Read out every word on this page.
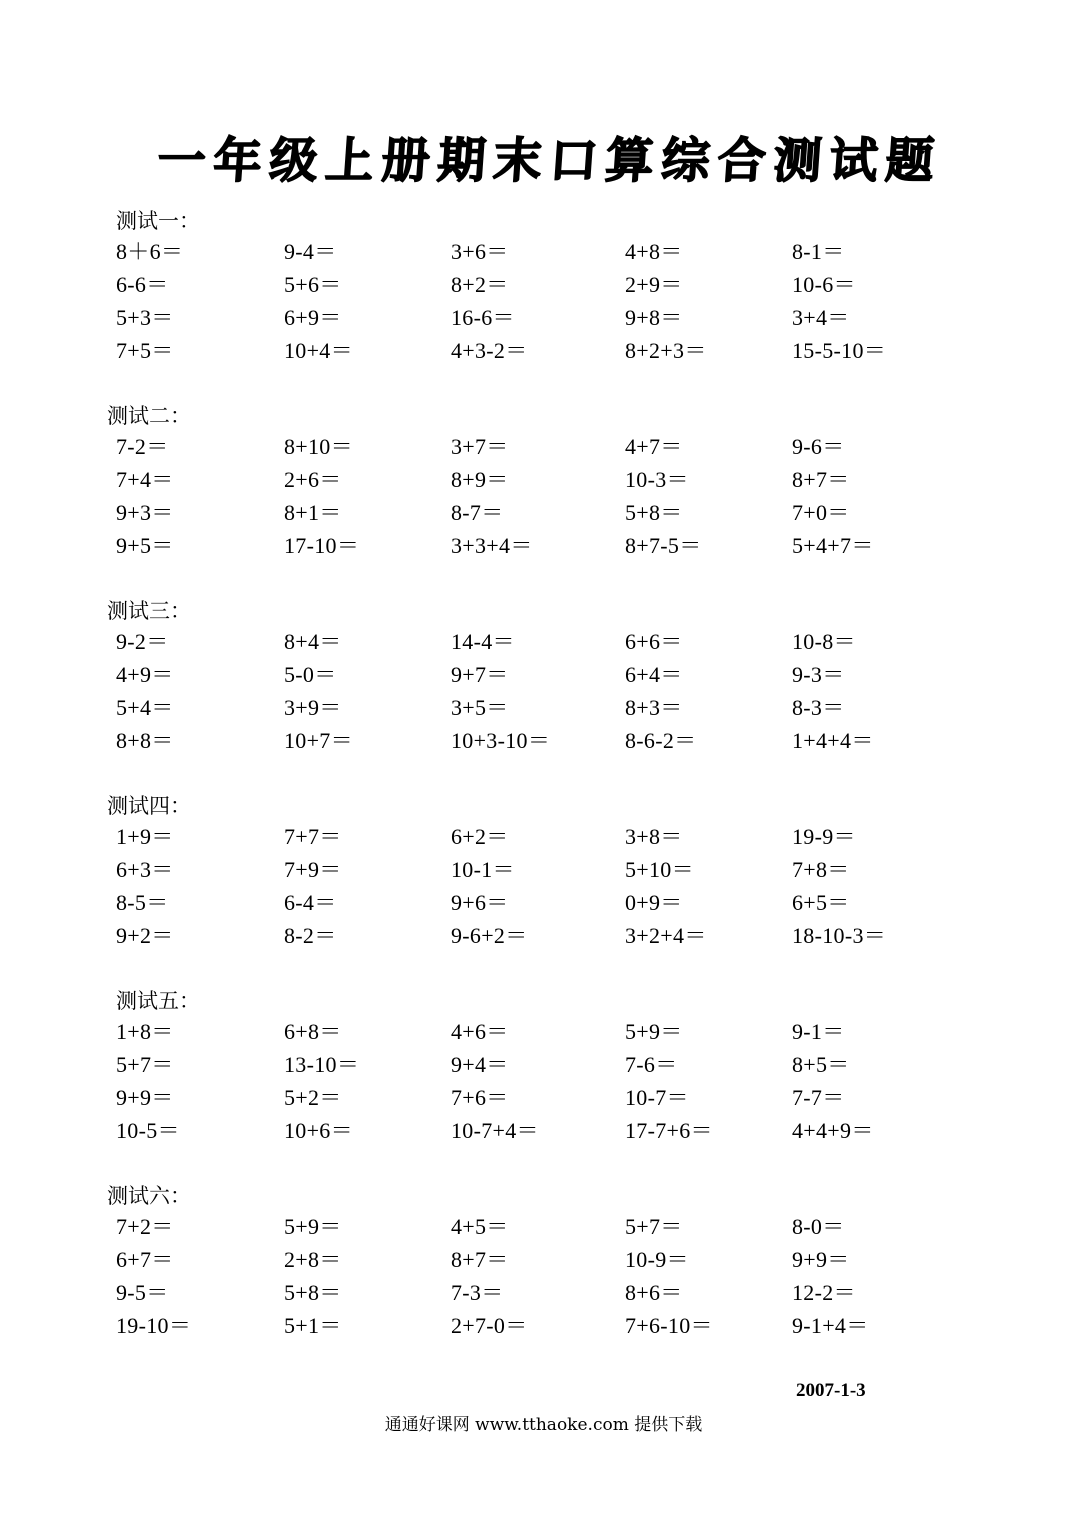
一年级上册期末口算综合测试题
测试一：
8＋6＝	9-4＝	3+6＝	4+8＝	8-1＝
6-6＝	5+6＝	8+2＝	2+9＝	10-6＝
5+3＝	6+9＝	16-6＝	9+8＝	3+4＝
7+5＝	10+4＝	4+3-2＝	8+2+3＝	15-5-10＝
测试二：
7-2＝	8+10＝	3+7＝	4+7＝	9-6＝
7+4＝	2+6＝	8+9＝	10-3＝	8+7＝
9+3＝	8+1＝	8-7＝	5+8＝	7+0＝
9+5＝	17-10＝	3+3+4＝	8+7-5＝	5+4+7＝
测试三：
9-2＝	8+4＝	14-4＝	6+6＝	10-8＝
4+9＝	5-0＝	9+7＝	6+4＝	9-3＝
5+4＝	3+9＝	3+5＝	8+3＝	8-3＝
8+8＝	10+7＝	10+3-10＝	8-6-2＝	1+4+4＝
测试四：
1+9＝	7+7＝	6+2＝	3+8＝	19-9＝
6+3＝	7+9＝	10-1＝	5+10＝	7+8＝
8-5＝	6-4＝	9+6＝	0+9＝	6+5＝
9+2＝	8-2＝	9-6+2＝	3+2+4＝	18-10-3＝
测试五：
1+8＝	6+8＝	4+6＝	5+9＝	9-1＝
5+7＝	13-10＝	9+4＝	7-6＝	8+5＝
9+9＝	5+2＝	7+6＝	10-7＝	7-7＝
10-5＝	10+6＝	10-7+4＝	17-7+6＝	4+4+9＝
测试六：
7+2＝	5+9＝	4+5＝	5+7＝	8-0＝
6+7＝	2+8＝	8+7＝	10-9＝	9+9＝
9-5＝	5+8＝	7-3＝	8+6＝	12-2＝
19-10＝	5+1＝	2+7-0＝	7+6-10＝	9-1+4＝
2007-1-3
通通好课网 www.tthaoke.com 提供下载
